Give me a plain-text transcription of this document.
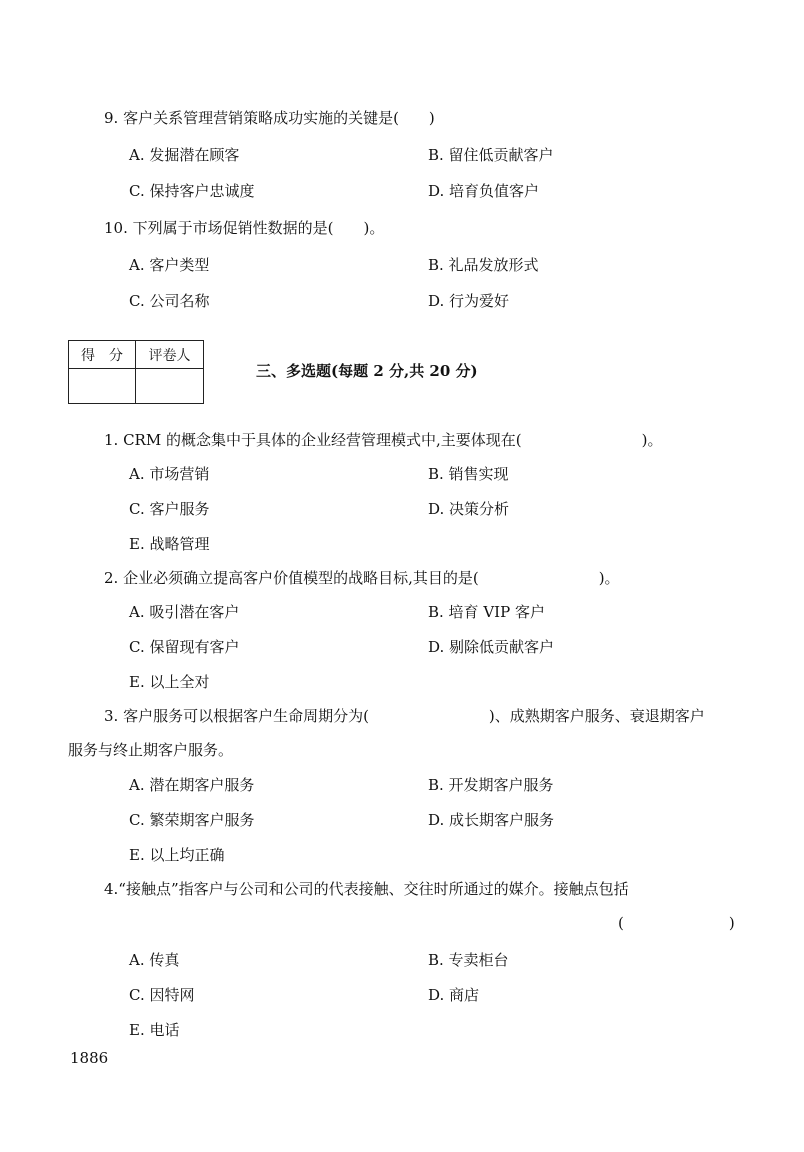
9. 客户关系管理营销策略成功实施的关键是(　　)
A. 发掘潜在顾客	B. 留住低贡献客户
C. 保持客户忠诚度	D. 培育负值客户
10. 下列属于市场促销性数据的是(　　)。
A. 客户类型	B. 礼品发放形式
C. 公司名称	D. 行为爱好
得　分	评卷人
三、多选题(每题 2 分,共 20 分)
1. CRM 的概念集中于具体的企业经营管理模式中,主要体现在(　　　　　　　　)。
A. 市场营销	B. 销售实现
C. 客户服务	D. 决策分析
E. 战略管理
2. 企业必须确立提高客户价值模型的战略目标,其目的是(　　　　　　　　)。
A. 吸引潜在客户	B. 培育 VIP 客户
C. 保留现有客户	D. 剔除低贡献客户
E. 以上全对
3. 客户服务可以根据客户生命周期分为(　　　　　　　　)、成熟期客户服务、衰退期客户
服务与终止期客户服务。
A. 潜在期客户服务	B. 开发期客户服务
C. 繁荣期客户服务	D. 成长期客户服务
E. 以上均正确
4.“接触点”指客户与公司和公司的代表接触、交往时所通过的媒介。接触点包括
(　　　　　　　)
A. 传真	B. 专卖柜台
C. 因特网	D. 商店
E. 电话
1886
